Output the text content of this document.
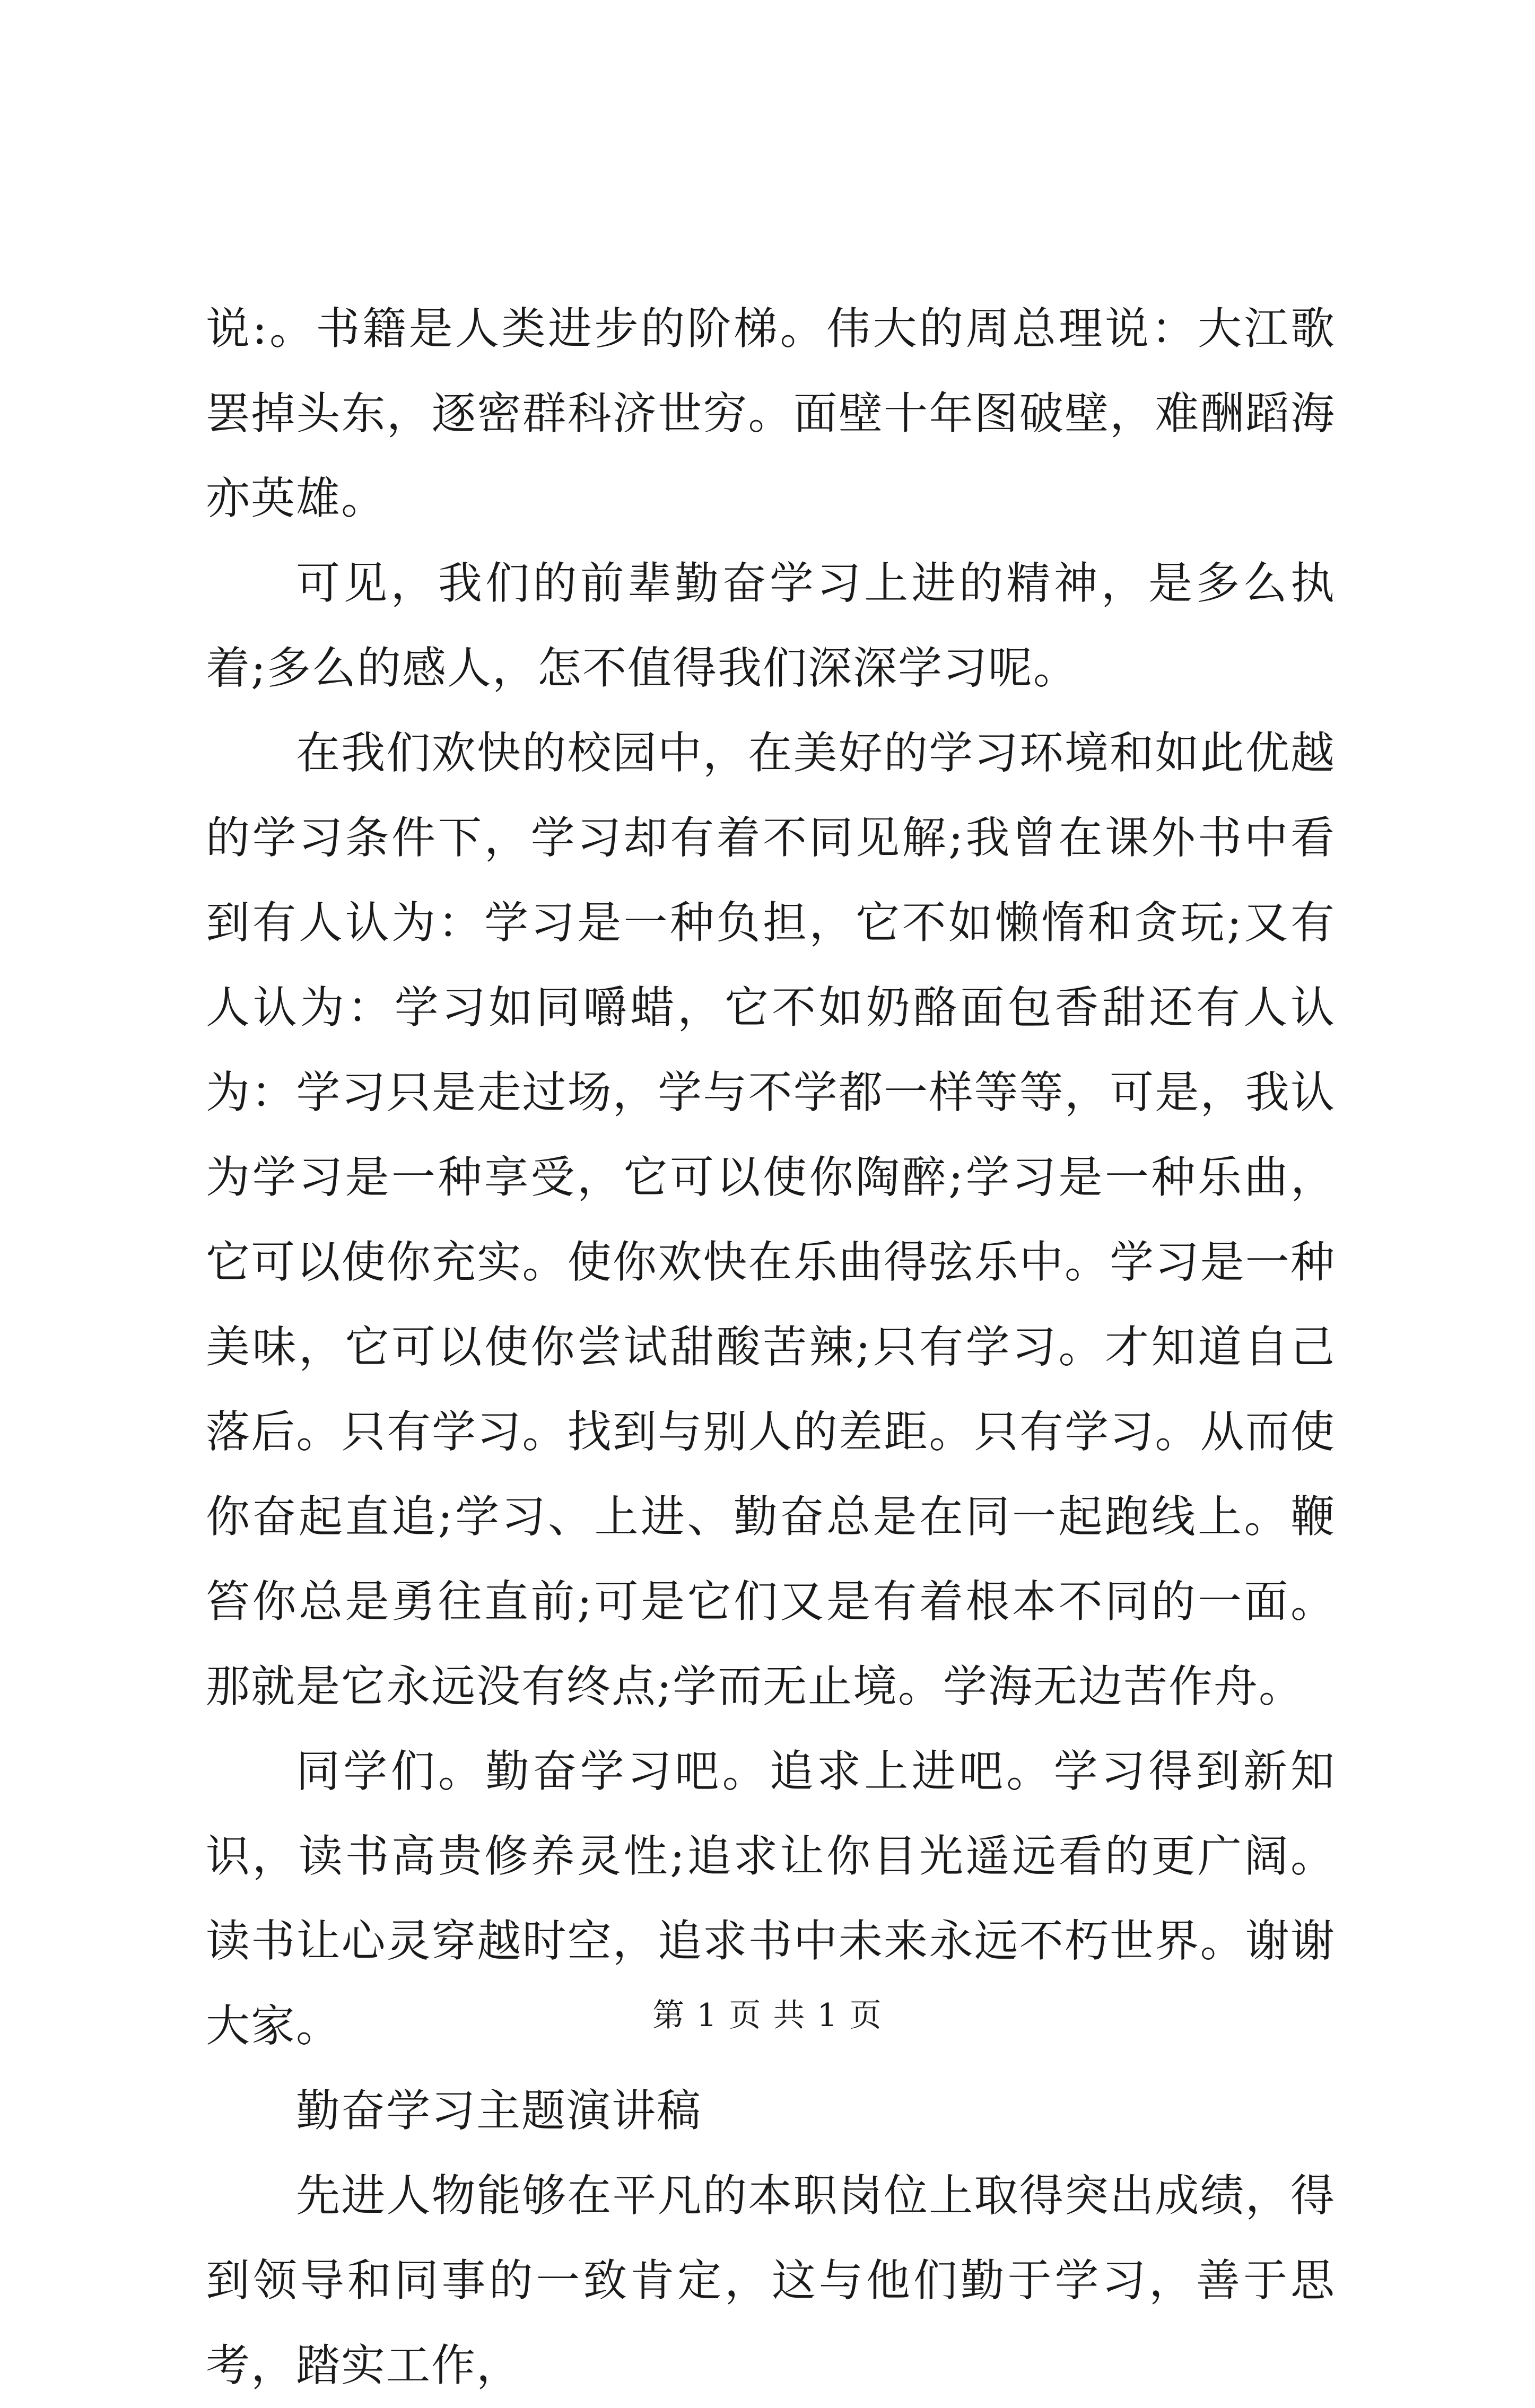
说:。书籍是人类进步的阶梯。伟大的周总理说：大江歌罢掉头东，逐密群科济世穷。面壁十年图破壁，难酬蹈海亦英雄。

可见，我们的前辈勤奋学习上进的精神，是多么执着;多么的感人，怎不值得我们深深学习呢。

在我们欢快的校园中，在美好的学习环境和如此优越的学习条件下，学习却有着不同见解;我曾在课外书中看到有人认为：学习是一种负担，它不如懒惰和贪玩;又有人认为：学习如同嚼蜡，它不如奶酪面包香甜还有人认为：学习只是走过场，学与不学都一样等等，可是，我认为学习是一种享受，它可以使你陶醉;学习是一种乐曲，它可以使你充实。使你欢快在乐曲得弦乐中。学习是一种美味，它可以使你尝试甜酸苦辣;只有学习。才知道自己落后。只有学习。找到与别人的差距。只有学习。从而使你奋起直追;学习、上进、勤奋总是在同一起跑线上。鞭笞你总是勇往直前;可是它们又是有着根本不同的一面。那就是它永远没有终点;学而无止境。学海无边苦作舟。

同学们。勤奋学习吧。追求上进吧。学习得到新知识，读书高贵修养灵性;追求让你目光遥远看的更广阔。读书让心灵穿越时空，追求书中未来永远不朽世界。谢谢大家。

勤奋学习主题演讲稿

先进人物能够在平凡的本职岗位上取得突出成绩，得到领导和同事的一致肯定，这与他们勤于学习，善于思考，踏实工作，

第 1 页 共 1 页
